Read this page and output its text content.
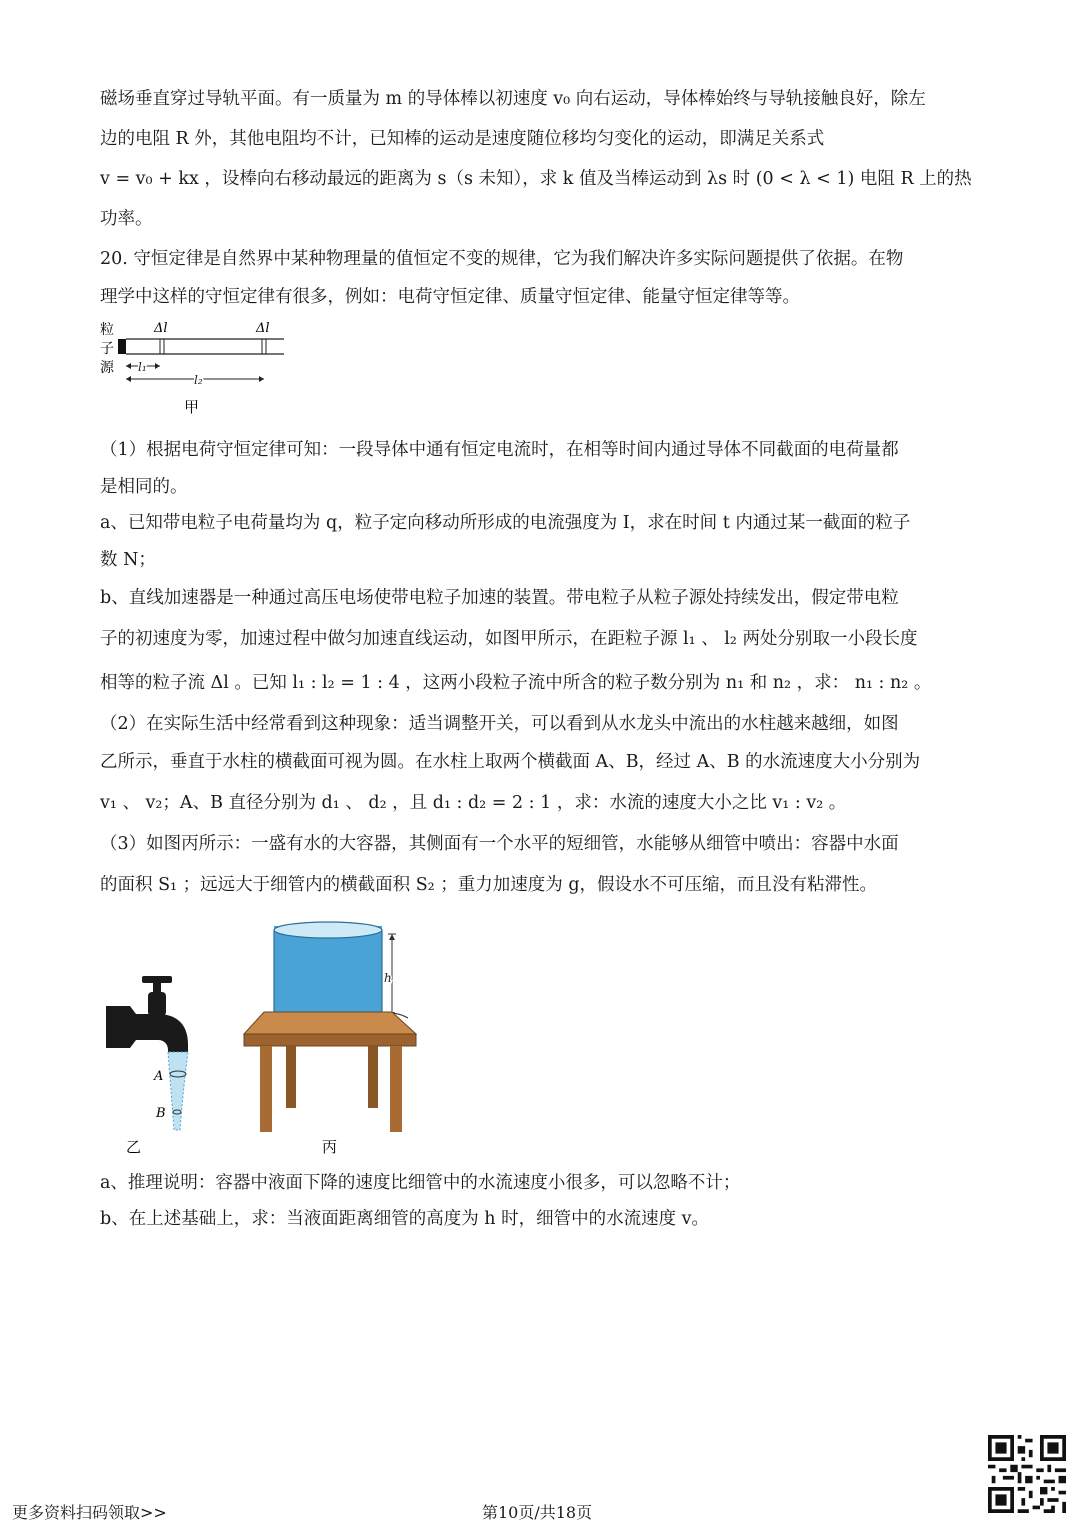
磁场垂直穿过导轨平面。有一质量为 m 的导体棒以初速度 v₀ 向右运动，导体棒始终与导轨接触良好，除左
边的电阻 R 外，其他电阻均不计，已知棒的运动是速度随位移均匀变化的运动，即满足关系式
v = v₀ + kx ，设棒向右移动最远的距离为 s（s 未知），求 k 值及当棒运动到 λs 时 (0 < λ < 1) 电阻 R 上的热
功率。
20. 守恒定律是自然界中某种物理量的值恒定不变的规律，它为我们解决许多实际问题提供了依据。在物
理学中这样的守恒定律有很多，例如：电荷守恒定律、质量守恒定律、能量守恒定律等等。
粒
子
源
Δl	Δl
l₁
l₂
甲
（1）根据电荷守恒定律可知：一段导体中通有恒定电流时，在相等时间内通过导体不同截面的电荷量都
是相同的。
a、已知带电粒子电荷量均为 q，粒子定向移动所形成的电流强度为 I，求在时间 t 内通过某一截面的粒子
数 N；
b、直线加速器是一种通过高压电场使带电粒子加速的装置。带电粒子从粒子源处持续发出，假定带电粒
子的初速度为零，加速过程中做匀加速直线运动，如图甲所示，在距粒子源 l₁ 、 l₂ 两处分别取一小段长度
相等的粒子流 Δl 。已知 l₁ : l₂ = 1 : 4 ，这两小段粒子流中所含的粒子数分别为 n₁ 和 n₂ ，求： n₁ : n₂ 。
（2）在实际生活中经常看到这种现象：适当调整开关，可以看到从水龙头中流出的水柱越来越细，如图
乙所示，垂直于水柱的横截面可视为圆。在水柱上取两个横截面 A、B，经过 A、B 的水流速度大小分别为
v₁ 、 v₂；A、B 直径分别为 d₁ 、 d₂ ，且 d₁ : d₂ = 2 : 1 ，求：水流的速度大小之比 v₁ : v₂ 。
（3）如图丙所示：一盛有水的大容器，其侧面有一个水平的短细管，水能够从细管中喷出：容器中水面
的面积 S₁ ；远远大于细管内的横截面积 S₂ ；重力加速度为 g，假设水不可压缩，而且没有粘滞性。
A
B
乙
h
丙
a、推理说明：容器中液面下降的速度比细管中的水流速度小很多，可以忽略不计；
b、在上述基础上，求：当液面距离细管的高度为 h 时，细管中的水流速度 v。
更多资料扫码领取>>	第10页/共18页
